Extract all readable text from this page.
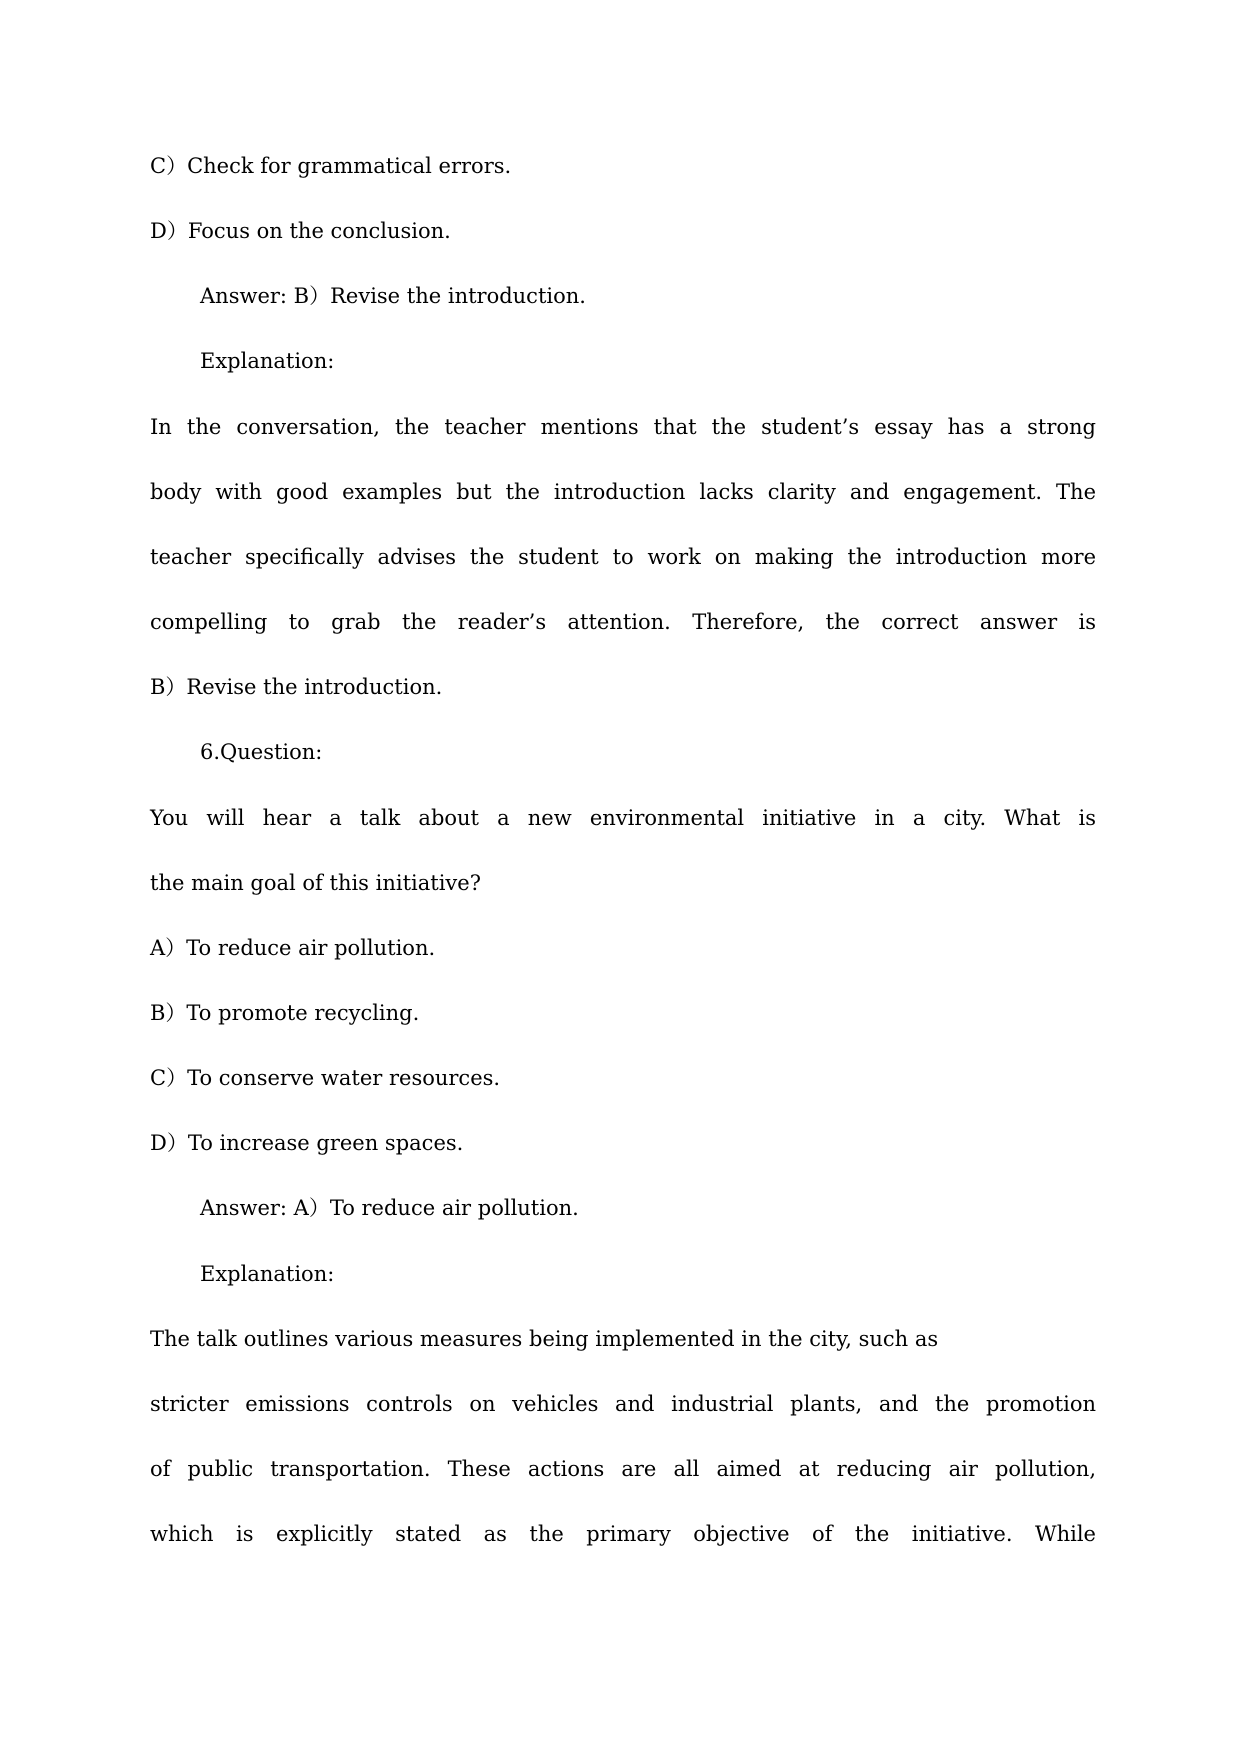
C）Check for grammatical errors.
D）Focus on the conclusion.
Answer: B）Revise the introduction.
Explanation:
In the conversation, the teacher mentions that the student’s essay has a strong
body with good examples but the introduction lacks clarity and engagement. The
teacher specifically advises the student to work on making the introduction more
compelling to grab the reader’s attention. Therefore, the correct answer is
B）Revise the introduction.
6.Question:
You will hear a talk about a new environmental initiative in a city. What is
the main goal of this initiative?
A）To reduce air pollution.
B）To promote recycling.
C）To conserve water resources.
D）To increase green spaces.
Answer: A）To reduce air pollution.
Explanation:
The talk outlines various measures being implemented in the city, such as
stricter emissions controls on vehicles and industrial plants, and the promotion
of public transportation. These actions are all aimed at reducing air pollution,
which is explicitly stated as the primary objective of the initiative. While
